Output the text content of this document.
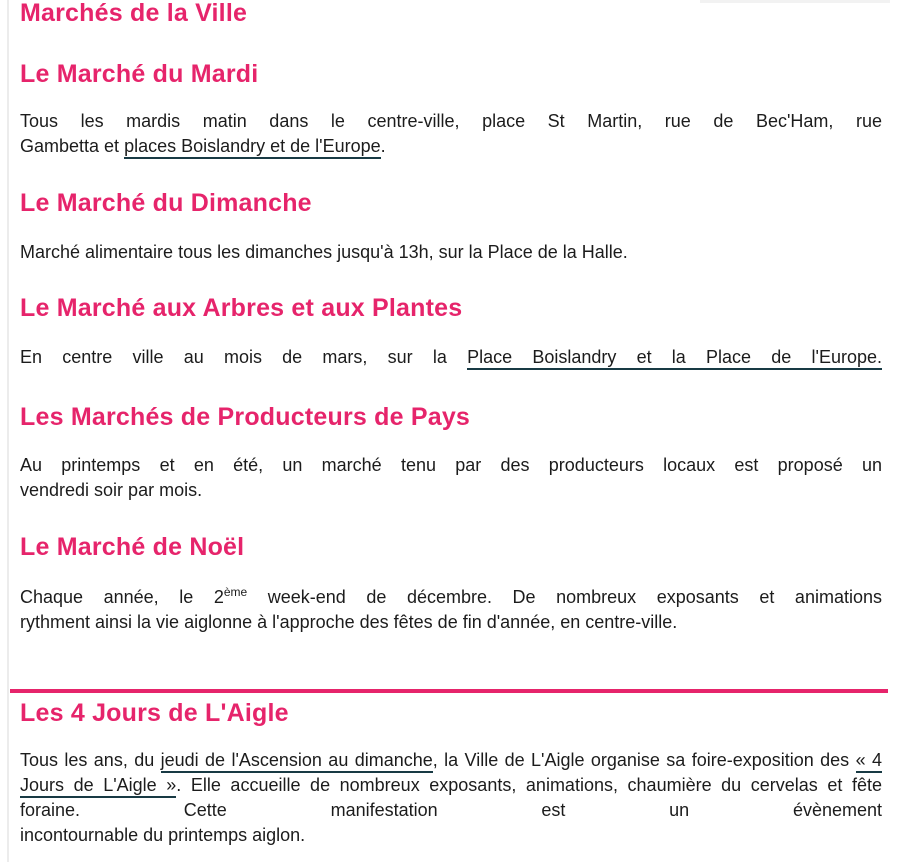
Marchés de la Ville
Le Marché du Mardi

Tous les mardis matin dans le centre-ville, place St Martin, rue de Bec'Ham, rue
Gambetta et places Boislandry et de l'Europe.

Le Marché du Dimanche

Marché alimentaire tous les dimanches jusqu'à 13h, sur la Place de la Halle.

Le Marché aux Arbres et aux Plantes

En centre ville au mois de mars, sur la Place Boislandry et la Place de l'Europe.

Les Marchés de Producteurs de Pays

Au printemps et en été, un marché tenu par des producteurs locaux est proposé un
vendredi soir par mois.

Le Marché de Noël

Chaque année, le 2ème week-end de décembre. De nombreux exposants et animations
rythment ainsi la vie aiglonne à l'approche des fêtes de fin d'année, en centre-ville.

Les 4 Jours de L'Aigle

Tous les ans, du jeudi de l'Ascension au dimanche, la Ville de L'Aigle organise sa foire-exposition des « 4 Jours de L'Aigle ». Elle accueille de nombreux exposants, animations, chaumière du cervelas et fête foraine. Cette manifestation est un évènement
incontournable du printemps aiglon.
